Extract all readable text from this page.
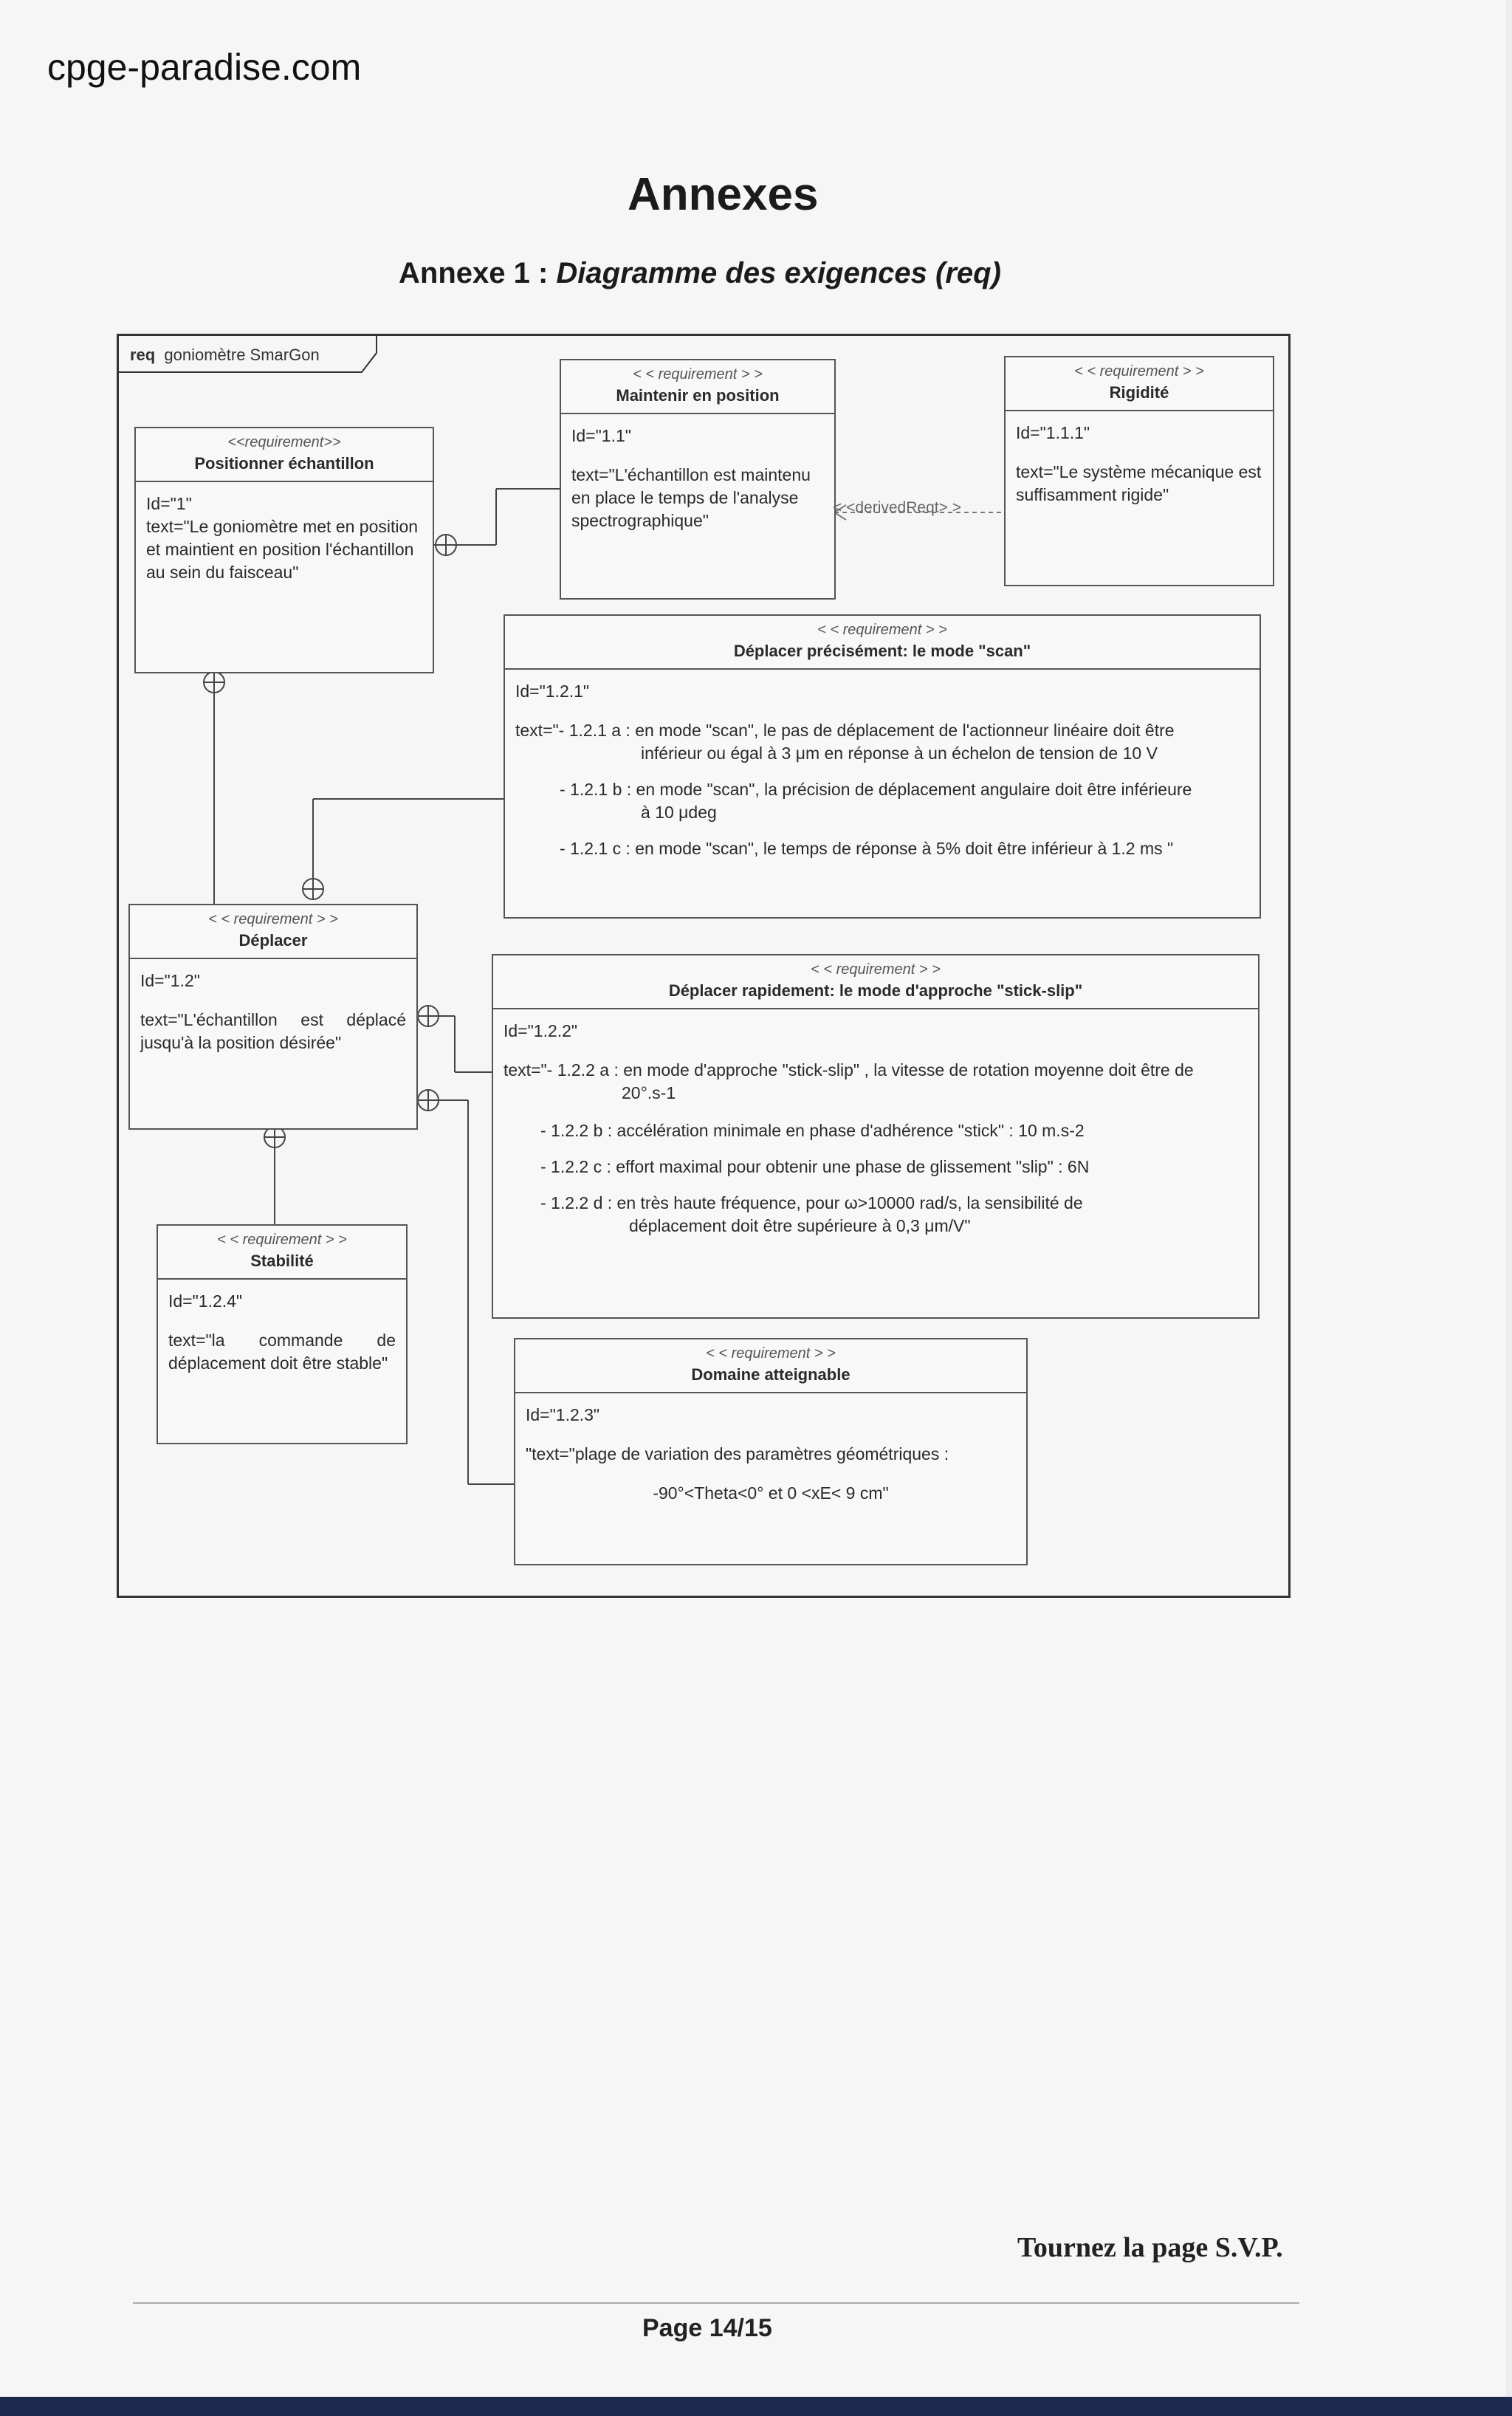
cpge-paradise.com
Annexes
Annexe 1 : Diagramme des exigences (req)
req goniomètre SmarGon
<<requirement>>
Positionner échantillon
Id="1"
text="Le goniomètre met en position et maintient en position l'échantillon au sein du faisceau"
< < requirement > >
Maintenir en position

Id="1.1"

text="L'échantillon est maintenu en place le temps de l'analyse spectrographique"
< <derivedReqt> >
< < requirement > >
Rigidité

Id="1.1.1"

text="Le système mécanique est suffisamment rigide"
< < requirement > >
Déplacer précisément: le mode "scan"

Id="1.2.1"

text="- 1.2.1 a : en mode "scan", le pas de déplacement de l'actionneur linéaire doit être
inférieur ou égal à 3 μm en réponse à un échelon de tension de 10 V
- 1.2.1 b : en mode "scan", la précision de déplacement angulaire doit être inférieure
à 10 μdeg
- 1.2.1 c : en mode "scan", le temps de réponse à 5% doit être inférieur à 1.2 ms "
< < requirement > >
Déplacer

Id="1.2"

text="L'échantillon est déplacé jusqu'à la position désirée"
< < requirement > >
Déplacer rapidement: le mode d'approche "stick-slip"

Id="1.2.2"

text="- 1.2.2 a : en mode d'approche "stick-slip" , la vitesse de rotation moyenne doit être de
20°.s-1
- 1.2.2 b : accélération minimale en phase d'adhérence "stick" : 10 m.s-2
- 1.2.2 c : effort maximal pour obtenir une phase de glissement "slip" : 6N
- 1.2.2 d : en très haute fréquence, pour ω>10000 rad/s, la sensibilité de
déplacement doit être supérieure à 0,3 μm/V"
< < requirement > >
Stabilité

Id="1.2.4"

text="la commande de déplacement doit être stable"	< < requirement > >
Domaine atteignable

Id="1.2.3"

"text="plage de variation des paramètres géométriques :

-90°<Theta<0° et 0 <xE< 9 cm"
Tournez la page S.V.P.
Page 14/15
